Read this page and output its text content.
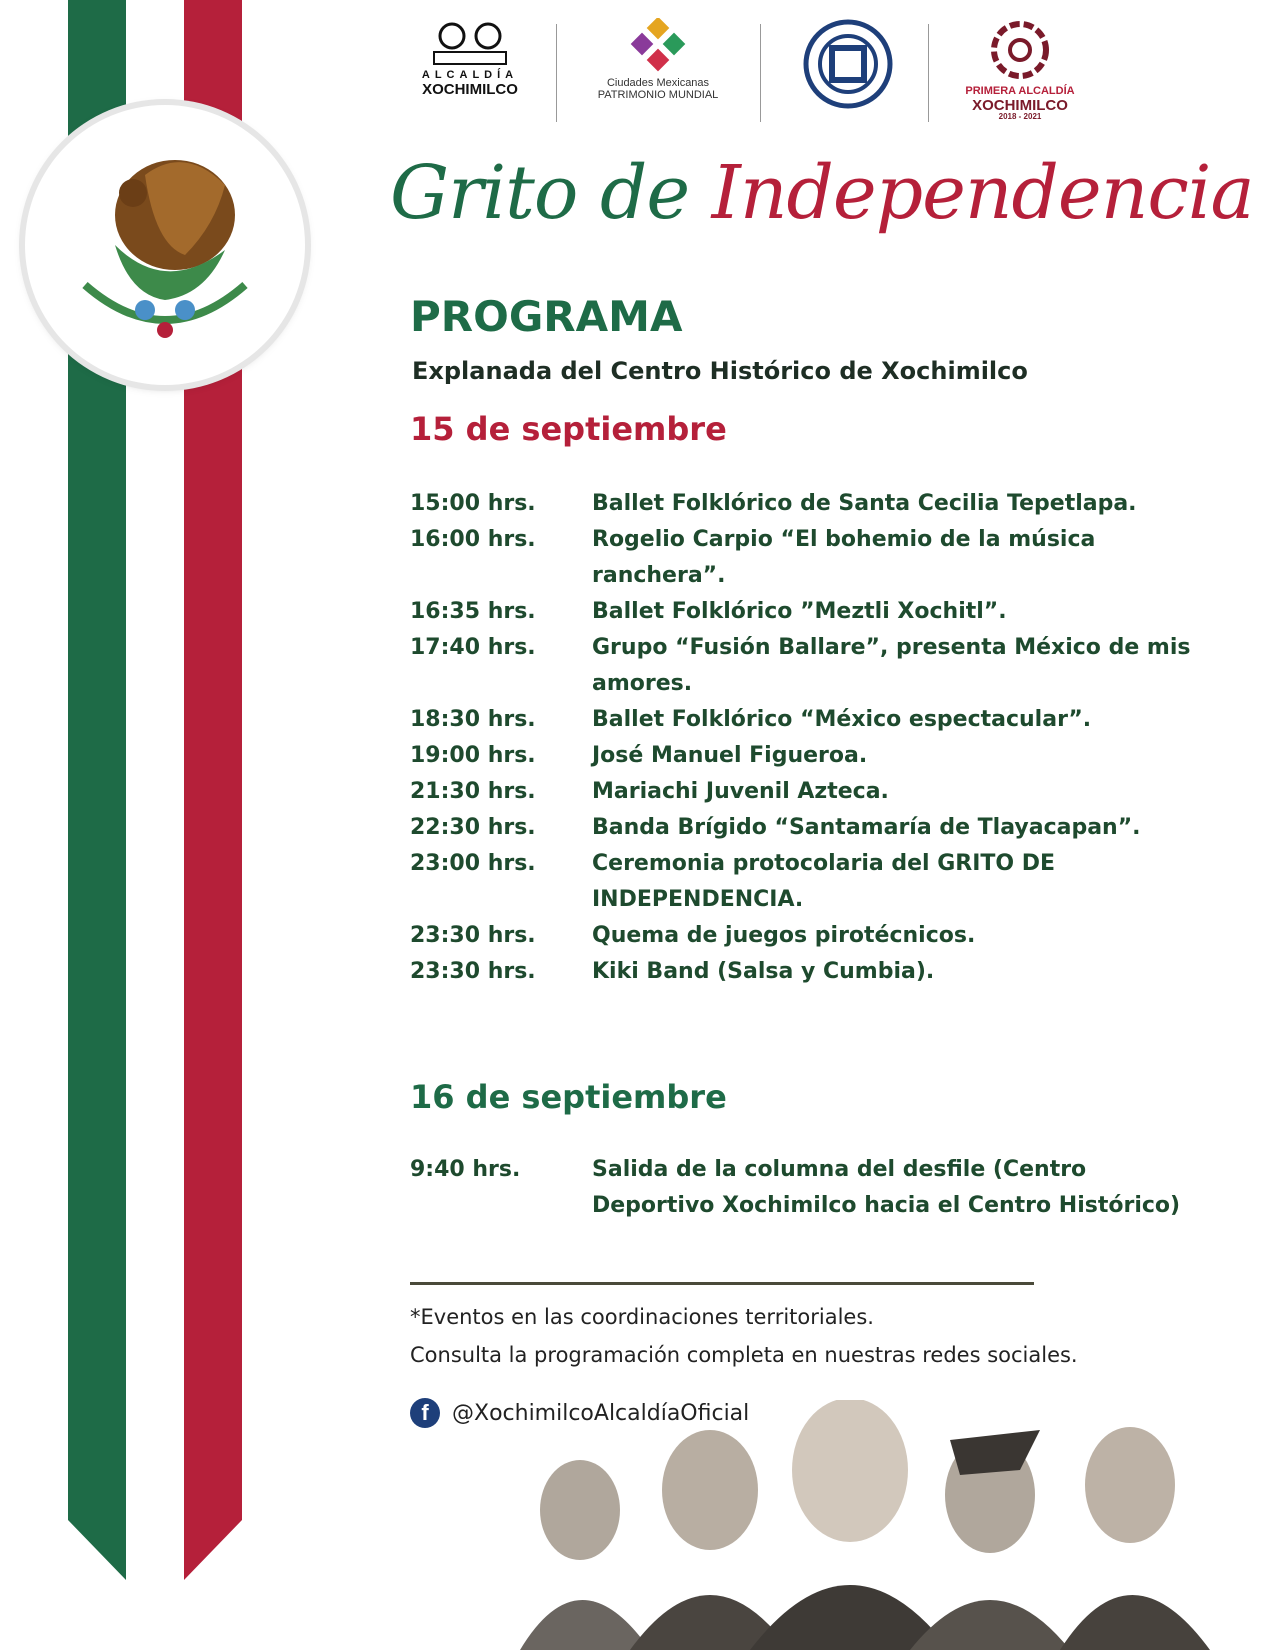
ALCALDÍA
XOCHIMILCO	Ciudades Mexicanas
PATRIMONIO MUNDIAL	PRIMERA ALCALDÍA
XOCHIMILCO
2018 - 2021
Grito de Independencia
PROGRAMA
Explanada del Centro Histórico de Xochimilco
15 de septiembre
15:00 hrs.	Ballet Folklórico de Santa Cecilia Tepetlapa.
16:00 hrs.	Rogelio Carpio “El bohemio de la música ranchera”.
16:35 hrs.	Ballet Folklórico ”Meztli Xochitl”.
17:40 hrs.	Grupo “Fusión Ballare”, presenta México de mis amores.
18:30 hrs.	Ballet Folklórico “México espectacular”.
19:00 hrs.	José Manuel Figueroa.
21:30 hrs.	Mariachi Juvenil Azteca.
22:30 hrs.	Banda Brígido “Santamaría de Tlayacapan”.
23:00 hrs.	Ceremonia protocolaria del GRITO DE INDEPENDENCIA.
23:30 hrs.	Quema de juegos pirotécnicos.
23:30 hrs.	Kiki Band (Salsa y Cumbia).
16 de septiembre
9:40 hrs.	Salida de la columna del desfile (Centro Deportivo Xochimilco hacia el Centro Histórico)
*Eventos en las coordinaciones territoriales.
Consulta la programación completa en nuestras redes sociales.
f	@XochimilcoAlcaldíaOficial
